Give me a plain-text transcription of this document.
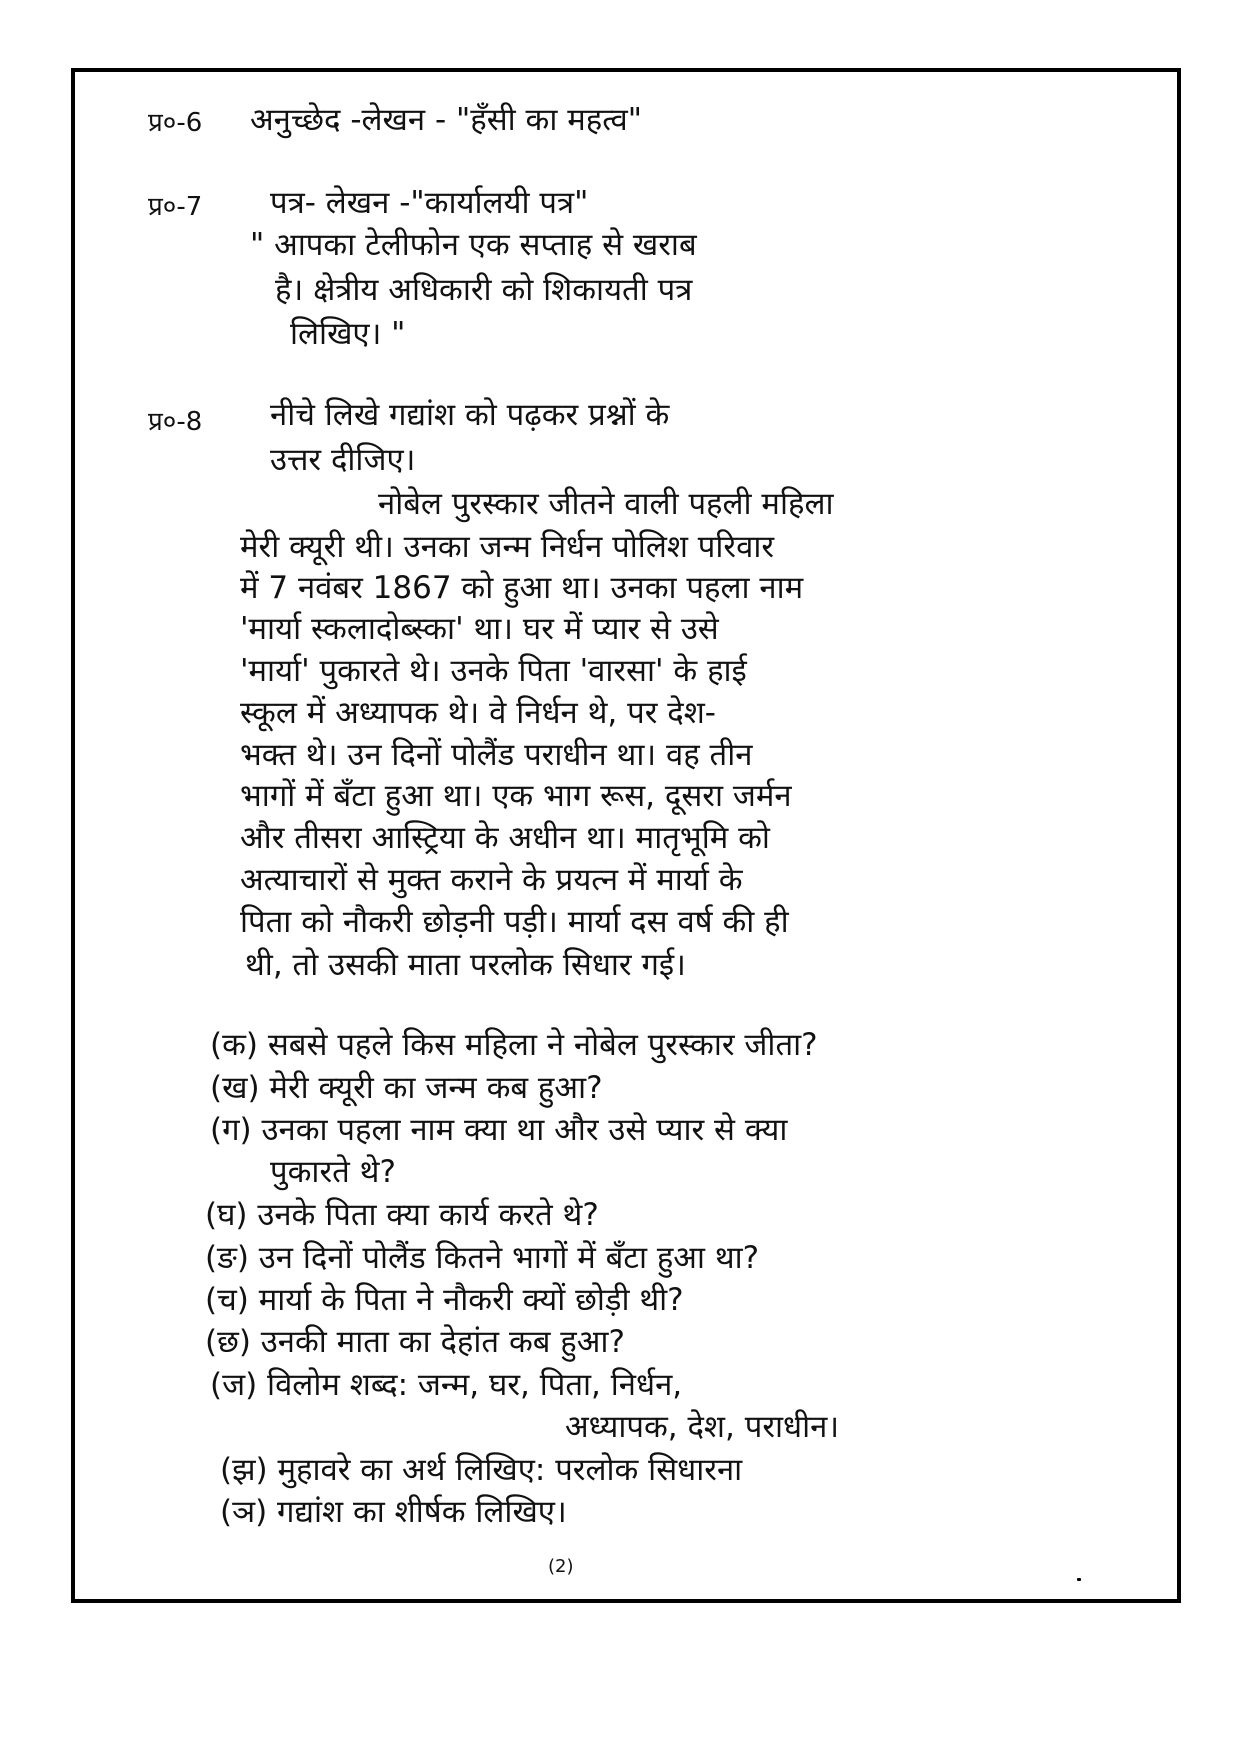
प्र०-6 अनुच्छेद -लेखन - "हँसी का महत्व"
प्र०-7 पत्र- लेखन -"कार्यालयी पत्र"
" आपका टेलीफोन एक सप्ताह से खराब
है। क्षेत्रीय अधिकारी को शिकायती पत्र
लिखिए। "
प्र०-8 नीचे लिखे गद्यांश को पढ़कर प्रश्नों के
उत्तर दीजिए।
नोबेल पुरस्कार जीतने वाली पहली महिला
मेरी क्यूरी थी। उनका जन्म निर्धन पोलिश परिवार
में 7 नवंबर 1867 को हुआ था। उनका पहला नाम
'मार्या स्कलादोब्स्का' था। घर में प्यार से उसे
'मार्या' पुकारते थे। उनके पिता 'वारसा' के हाई
स्कूल में अध्यापक थे। वे निर्धन थे, पर देश-
भक्त थे। उन दिनों पोलैंड पराधीन था। वह तीन
भागों में बँटा हुआ था। एक भाग रूस, दूसरा जर्मन
और तीसरा आस्ट्रिया के अधीन था। मातृभूमि को
अत्याचारों से मुक्त कराने के प्रयत्न में मार्या के
पिता को नौकरी छोड़नी पड़ी। मार्या दस वर्ष की ही
थी, तो उसकी माता परलोक सिधार गई।
(क) सबसे पहले किस महिला ने नोबेल पुरस्कार जीता?
(ख) मेरी क्यूरी का जन्म कब हुआ?
(ग) उनका पहला नाम क्या था और उसे प्यार से क्या
पुकारते थे?
(घ) उनके पिता क्या कार्य करते थे?
(ङ) उन दिनों पोलैंड कितने भागों में बँटा हुआ था?
(च) मार्या के पिता ने नौकरी क्यों छोड़ी थी?
(छ) उनकी माता का देहांत कब हुआ?
(ज) विलोम शब्द: जन्म, घर, पिता, निर्धन,
अध्यापक, देश, पराधीन।
(झ) मुहावरे का अर्थ लिखिए: परलोक सिधारना
(ञ) गद्यांश का शीर्षक लिखिए।
(2)
